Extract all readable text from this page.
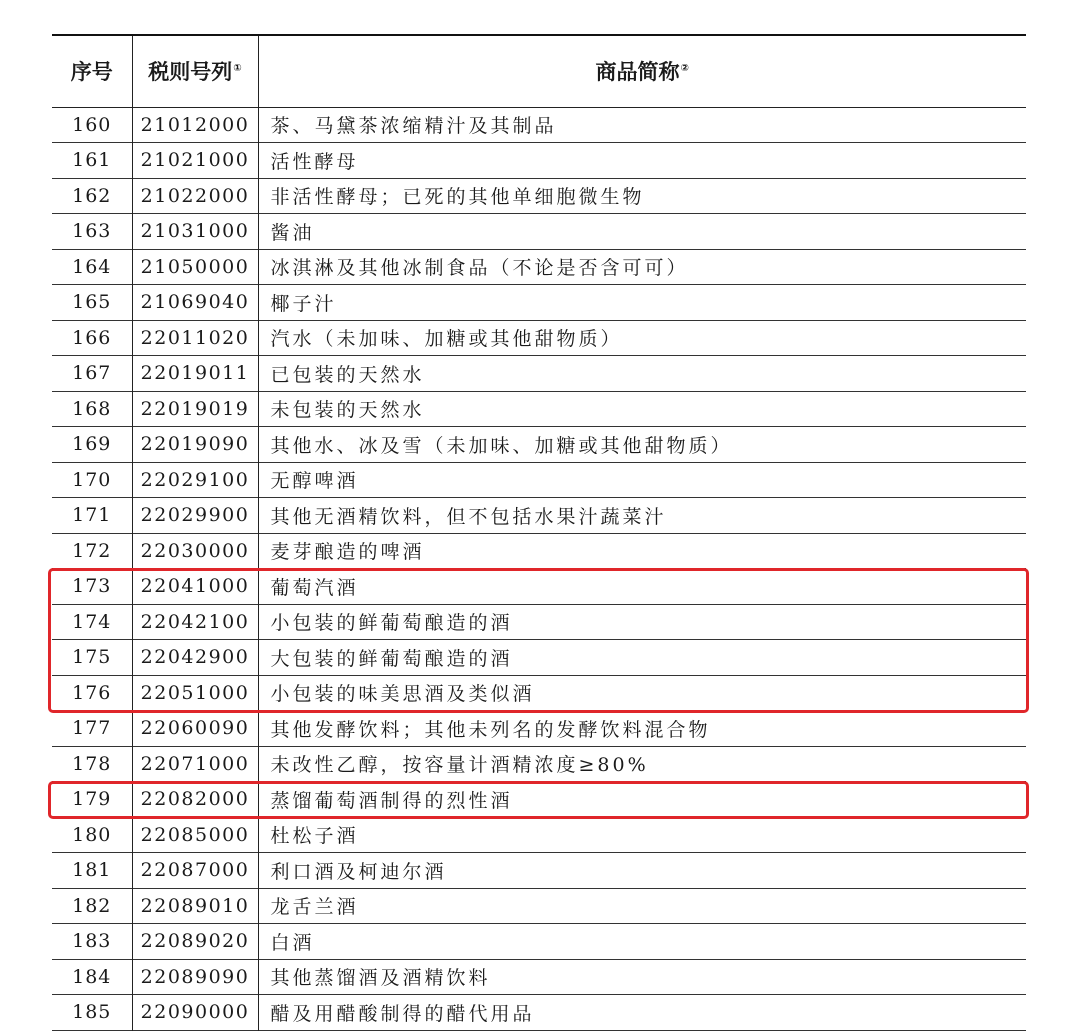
序号	税则号列①	商品简称②
160	21012000	茶、马黛茶浓缩精汁及其制品
161	21021000	活性酵母
162	21022000	非活性酵母；已死的其他单细胞微生物
163	21031000	酱油
164	21050000	冰淇淋及其他冰制食品（不论是否含可可）
165	21069040	椰子汁
166	22011020	汽水（未加味、加糖或其他甜物质）
167	22019011	已包装的天然水
168	22019019	未包装的天然水
169	22019090	其他水、冰及雪（未加味、加糖或其他甜物质）
170	22029100	无醇啤酒
171	22029900	其他无酒精饮料，但不包括水果汁蔬菜汁
172	22030000	麦芽酿造的啤酒
173	22041000	葡萄汽酒
174	22042100	小包装的鲜葡萄酿造的酒
175	22042900	大包装的鲜葡萄酿造的酒
176	22051000	小包装的味美思酒及类似酒
177	22060090	其他发酵饮料；其他未列名的发酵饮料混合物
178	22071000	未改性乙醇，按容量计酒精浓度≥80%
179	22082000	蒸馏葡萄酒制得的烈性酒
180	22085000	杜松子酒
181	22087000	利口酒及柯迪尔酒
182	22089010	龙舌兰酒
183	22089020	白酒
184	22089090	其他蒸馏酒及酒精饮料
185	22090000	醋及用醋酸制得的醋代用品
